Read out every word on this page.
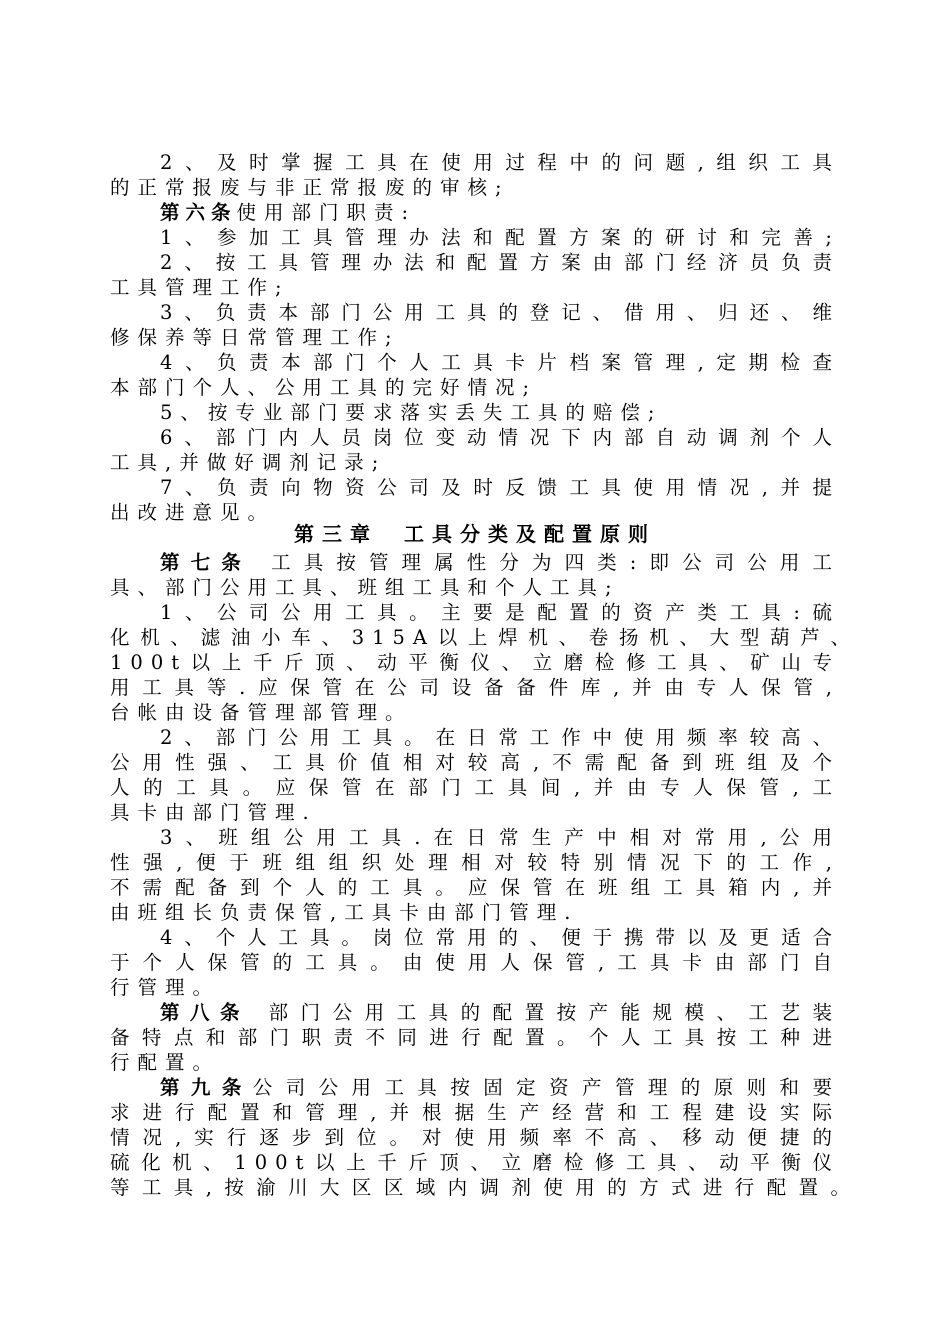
2、及时掌握工具在使用过程中的问题,组织工具
的正常报废与非正常报废的审核;
第六条使用部门职责:
1、参加工具管理办法和配置方案的研讨和完善;
2、按工具管理办法和配置方案由部门经济员负责
工具管理工作;
3、负责本部门公用工具的登记、借用、归还、维
修保养等日常管理工作;
4、负责本部门个人工具卡片档案管理,定期检查
本部门个人、公用工具的完好情况;
5、按专业部门要求落实丢失工具的赔偿;
6、部门内人员岗位变动情况下内部自动调剂个人
工具,并做好调剂记录;
7、负责向物资公司及时反馈工具使用情况,并提
出改进意见。
第三章 工具分类及配置原则
第七条 工具按管理属性分为四类:即公司公用工
具、部门公用工具、班组工具和个人工具;
1、公司公用工具。主要是配置的资产类工具:硫
化机、滤油小车、315A以上焊机、卷扬机、大型葫芦、
100t以上千斤顶、动平衡仪、立磨检修工具、矿山专
用工具等.应保管在公司设备备件库,并由专人保管,
台帐由设备管理部管理。
2、部门公用工具。在日常工作中使用频率较高、
公用性强、工具价值相对较高,不需配备到班组及个
人的工具。应保管在部门工具间,并由专人保管,工
具卡由部门管理.
3、班组公用工具.在日常生产中相对常用,公用
性强,便于班组组织处理相对较特别情况下的工作,
不需配备到个人的工具。应保管在班组工具箱内,并
由班组长负责保管,工具卡由部门管理.
4、个人工具。岗位常用的、便于携带以及更适合
于个人保管的工具。由使用人保管,工具卡由部门自
行管理。
第八条 部门公用工具的配置按产能规模、工艺装
备特点和部门职责不同进行配置。个人工具按工种进
行配置。
第九条公司公用工具按固定资产管理的原则和要
求进行配置和管理,并根据生产经营和工程建设实际
情况,实行逐步到位。对使用频率不高、移动便捷的
硫化机、100t以上千斤顶、立磨检修工具、动平衡仪
等工具,按渝川大区区域内调剂使用的方式进行配置。
